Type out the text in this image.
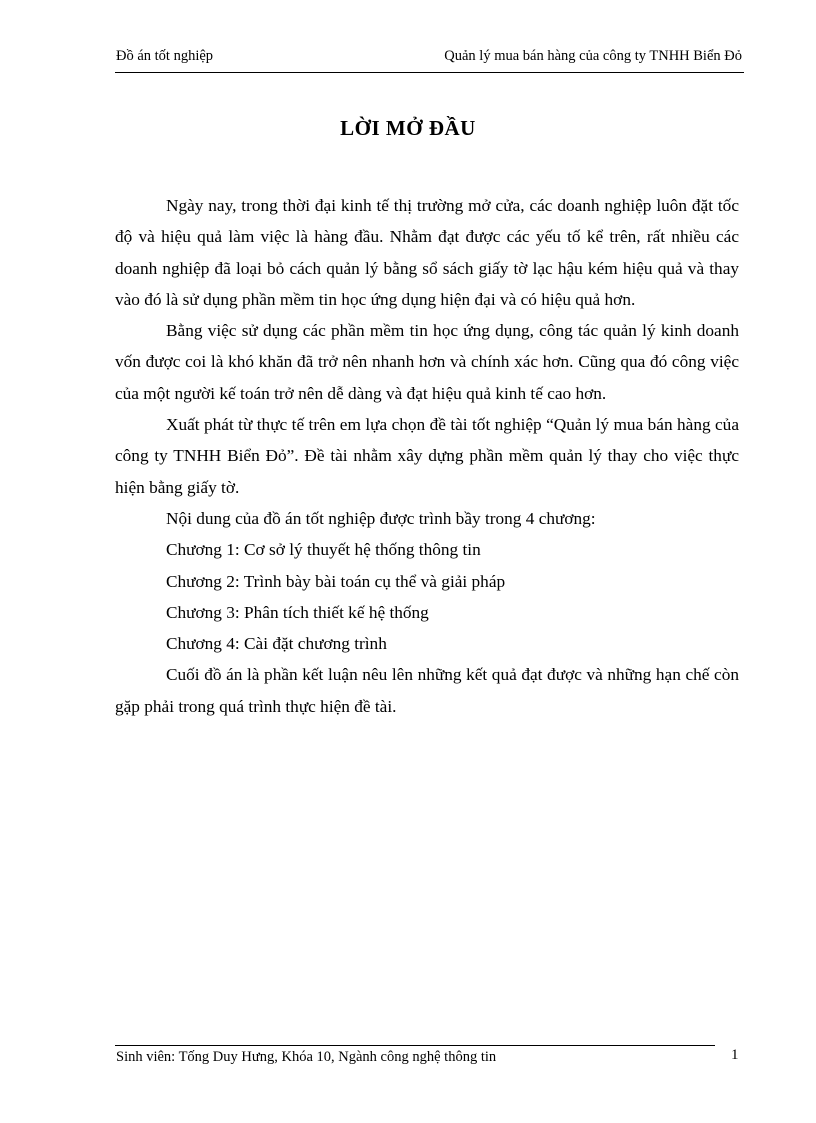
Đồ án tốt nghiệp	Quản lý mua bán hàng của công ty TNHH Biển Đỏ
LỜI MỞ ĐẦU

Ngày nay, trong thời đại kinh tế thị trường mở cửa, các doanh nghiệp luôn đặt tốc độ và hiệu quả làm việc là hàng đầu. Nhằm đạt được các yếu tố kể trên, rất nhiều các doanh nghiệp đã loại bỏ cách quản lý bằng sổ sách giấy tờ lạc hậu kém hiệu quả và thay vào đó là sử dụng phần mềm tin học ứng dụng hiện đại và có hiệu quả hơn.

Bằng việc sử dụng các phần mềm tin học ứng dụng, công tác quản lý kinh doanh vốn được coi là khó khăn đã trở nên nhanh hơn và chính xác hơn. Cũng qua đó công việc của một người kế toán trở nên dễ dàng và đạt hiệu quả kinh tế cao hơn.

Xuất phát từ thực tế trên em lựa chọn đề tài tốt nghiệp “Quản lý mua bán hàng của công ty TNHH Biển Đỏ”. Đề tài nhằm xây dựng phần mềm quản lý thay cho việc thực hiện bằng giấy tờ.

Nội dung của đồ án tốt nghiệp được trình bầy trong 4 chương:

Chương 1: Cơ sở lý thuyết hệ thống thông tin

Chương 2: Trình bày bài toán cụ thể và giải pháp

Chương 3: Phân tích thiết kế hệ thống

Chương 4: Cài đặt chương trình

Cuối đồ án là phần kết luận nêu lên những kết quả đạt được và những hạn chế còn gặp phải trong quá trình thực hiện đề tài.

Sinh viên: Tống Duy Hưng, Khóa 10, Ngành công nghệ thông tin	1
